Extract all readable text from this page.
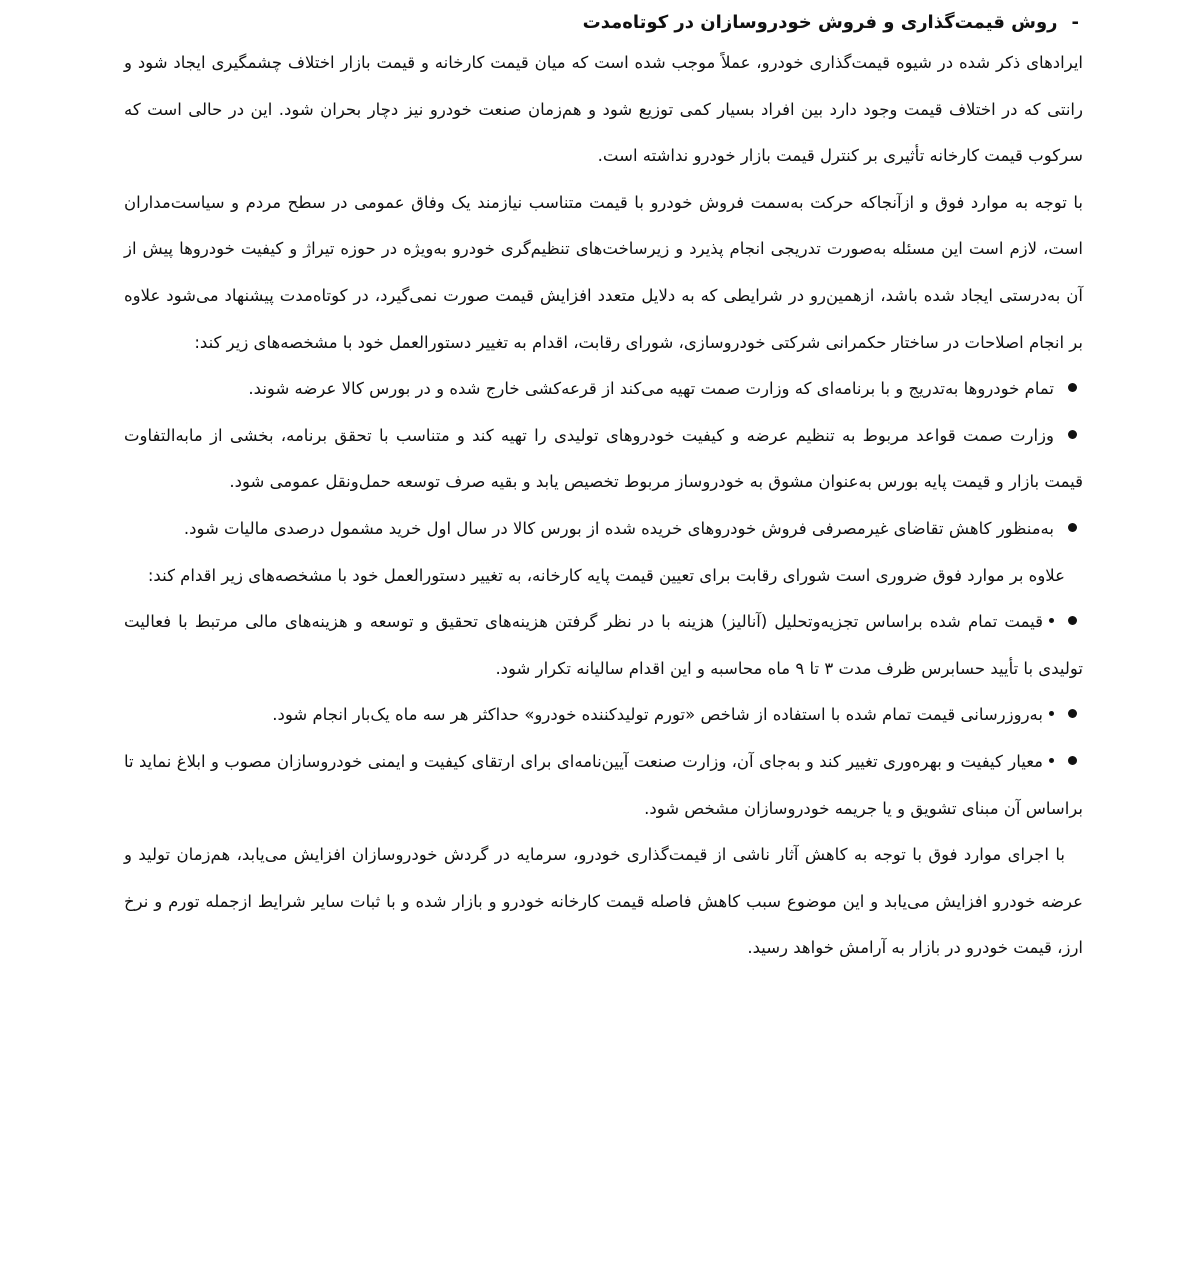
-
روش قیمت‌گذاری و فروش خودروسازان در کوتاه‌مدت

ایرادهای ذکر شده در شیوه قیمت‌گذاری خودرو، عملاً موجب شده است که میان قیمت کارخانه و قیمت بازار اختلاف چشمگیری ایجاد شود و رانتی که در اختلاف قیمت وجود دارد بین افراد بسیار کمی توزیع شود و هم‌زمان صنعت خودرو نیز دچار بحران شود. این در حالی است که سرکوب قیمت کارخانه تأثیری بر کنترل قیمت بازار خودرو نداشته است.

با توجه به موارد فوق و ازآنجاکه حرکت به‌سمت فروش خودرو با قیمت متناسب نیازمند یک وفاق عمومی در سطح مردم و سیاست‌مداران است، لازم است این مسئله به‌صورت تدریجی انجام پذیرد و زیرساخت‌های تنظیم‌گری خودرو به‌ویژه در حوزه تیراژ و کیفیت خودروها پیش از آن به‌درستی ایجاد شده باشد، ازهمین‌رو در شرایطی که به دلایل متعدد افزایش قیمت صورت نمی‌گیرد، در کوتاه‌مدت پیشنهاد می‌شود علاوه بر انجام اصلاحات در ساختار حکمرانی شرکتی خودروسازی، شورای رقابت، اقدام به تغییر دستورالعمل خود با مشخصه‌های زیر کند:

تمام خودروها به‌تدریج و با برنامه‌ای که وزارت صمت تهیه می‌کند از قرعه‌کشی خارج شده و در بورس کالا عرضه شوند.
وزارت صمت قواعد مربوط به تنظیم عرضه و کیفیت خودروهای تولیدی را تهیه کند و متناسب با تحقق برنامه، بخشی از مابه‌التفاوت قیمت بازار و قیمت پایه بورس به‌عنوان مشوق به خودروساز مربوط تخصیص یابد و بقیه صرف توسعه حمل‌ونقل عمومی شود.
به‌منظور کاهش تقاضای غیرمصرفی فروش خودروهای خریده شده از بورس کالا در سال اول خرید مشمول درصدی مالیات شود.

علاوه بر موارد فوق ضروری است شورای رقابت برای تعیین قیمت پایه کارخانه، به تغییر دستورالعمل خود با مشخصه‌های زیر اقدام کند:

قیمت تمام شده براساس تجزیه‌وتحلیل (آنالیز) هزینه با در نظر گرفتن هزینه‌های تحقیق و توسعه و هزینه‌های مالی مرتبط با فعالیت تولیدی با تأیید حسابرس ظرف مدت ۳ تا ۹ ماه محاسبه و این اقدام سالیانه تکرار شود.
به‌روزرسانی قیمت تمام شده با استفاده از شاخص «تورم تولیدکننده خودرو» حداکثر هر سه ماه یک‌بار انجام شود.
معیار کیفیت و بهره‌وری تغییر کند و به‌جای آن، وزارت صنعت آیین‌نامه‌ای برای ارتقای کیفیت و ایمنی خودروسازان مصوب و ابلاغ نماید تا براساس آن مبنای تشویق و یا جریمه خودروسازان مشخص شود.

با اجرای موارد فوق با توجه به کاهش آثار ناشی از قیمت‌گذاری خودرو، سرمایه در گردش خودروسازان افزایش می‌یابد، هم‌زمان تولید و عرضه خودرو افزایش می‌یابد و این موضوع سبب کاهش فاصله قیمت کارخانه خودرو و بازار شده و با ثبات سایر شرایط ازجمله تورم و نرخ ارز، قیمت خودرو در بازار به آرامش خواهد رسید.
